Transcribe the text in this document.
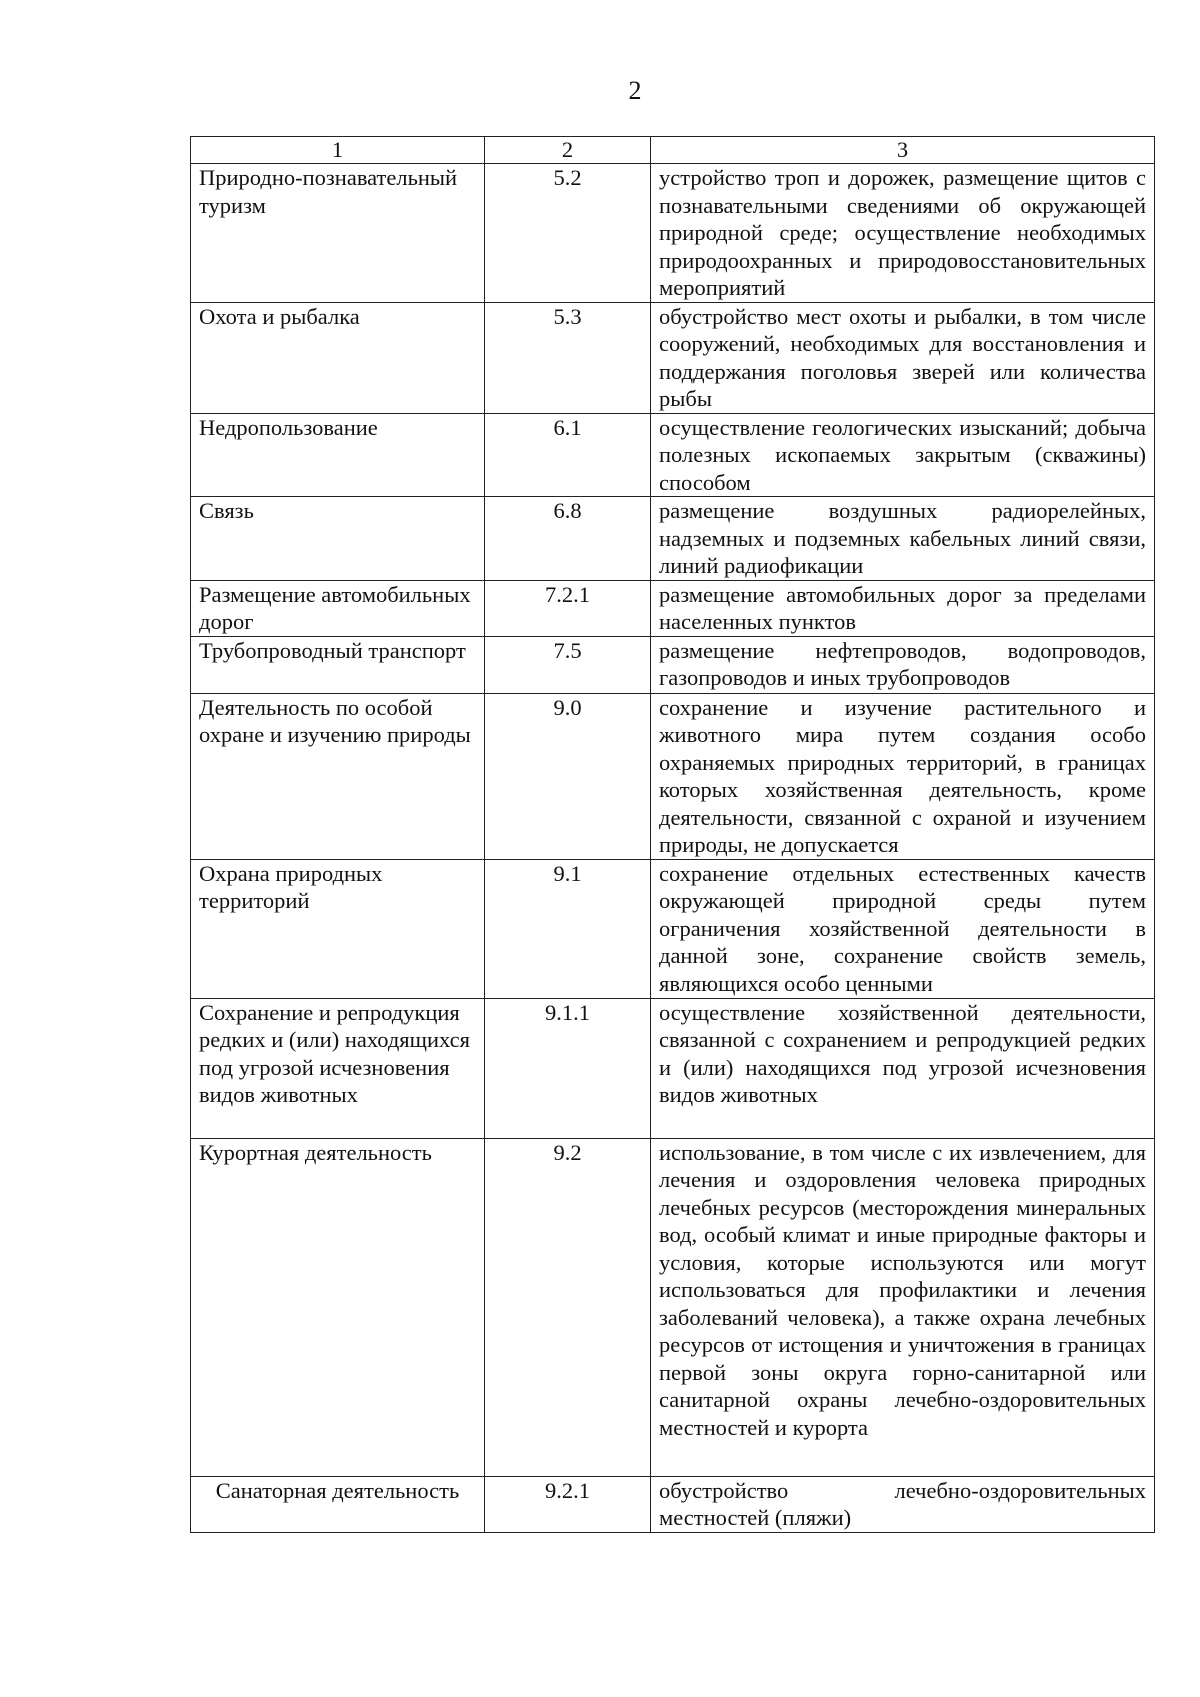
2
1	2	3
Природно-познавательный туризм	5.2	устройство троп и дорожек, размещение щитов с познавательными сведениями об окружающей природной среде; осуществление необходимых природоохранных и природовосстановительных мероприятий
Охота и рыбалка	5.3	обустройство мест охоты и рыбалки, в том числе сооружений, необходимых для восстановления и поддержания поголовья зверей или количества рыбы
Недропользование	6.1	осуществление геологических изысканий; добыча полезных ископаемых закрытым (скважины) способом
Связь	6.8	размещение воздушных радиорелейных, надземных и подземных кабельных линий связи, линий радиофикации
Размещение автомобильных дорог	7.2.1	размещение автомобильных дорог за пределами населенных пунктов
Трубопроводный транспорт	7.5	размещение нефтепроводов, водопроводов, газопроводов и иных трубопроводов
Деятельность по особой охране и изучению природы	9.0	сохранение и изучение растительного и животного мира путем создания особо охраняемых природных территорий, в границах которых хозяйственная деятельность, кроме деятельности, связанной с охраной и изучением природы, не допускается
Охрана природных территорий	9.1	сохранение отдельных естественных качеств окружающей природной среды путем ограничения хозяйственной деятельности в данной зоне, сохранение свойств земель, являющихся особо ценными
Сохранение и репродукция редких и (или) находящихся под угрозой исчезновения видов животных	9.1.1	осуществление хозяйственной деятельности, связанной с сохранением и репродукцией редких и (или) находящихся под угрозой исчезновения видов животных
Курортная деятельность	9.2	использование, в том числе с их извлечением, для лечения и оздоровления человека природных лечебных ресурсов (месторождения минеральных вод, особый климат и иные природные факторы и условия, которые используются или могут использоваться для профилактики и лечения заболеваний человека), а также охрана лечебных ресурсов от истощения и уничтожения в границах первой зоны округа горно-санитарной или санитарной охраны лечебно-оздоровительных местностей и курорта
Санаторная деятельность	9.2.1	обустройство лечебно-оздоровительных местностей (пляжи)
